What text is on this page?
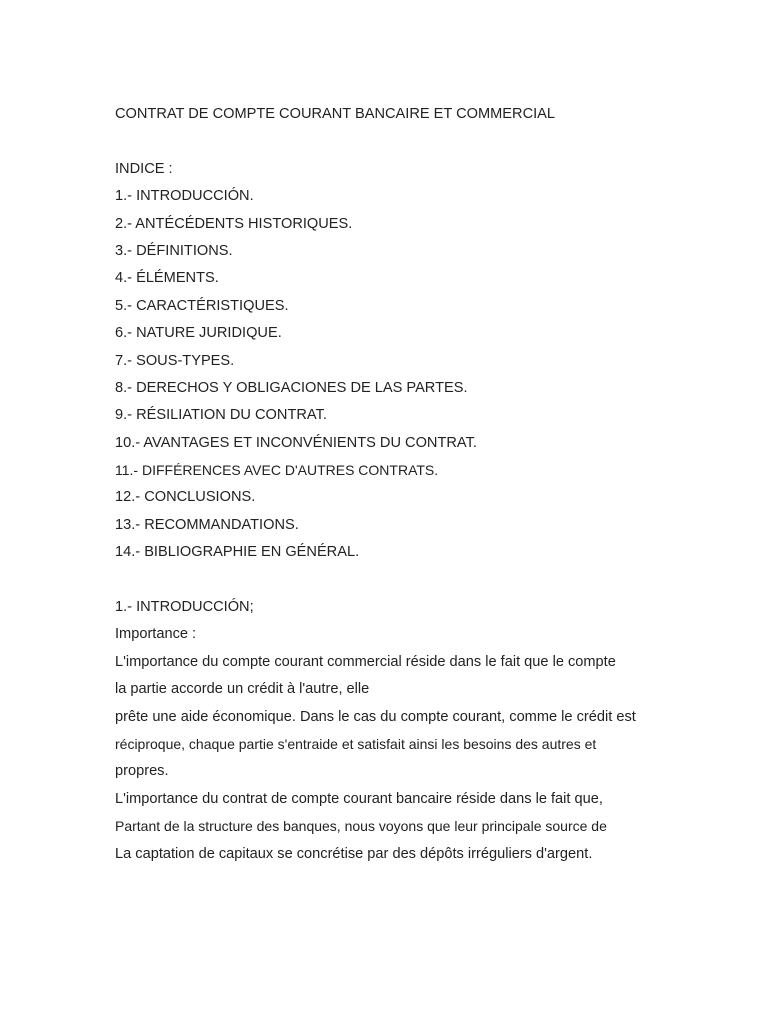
CONTRAT DE COMPTE COURANT BANCAIRE ET COMMERCIAL
INDICE :
1.- INTRODUCCIÓN.
2.- ANTÉCÉDENTS HISTORIQUES.
3.- DÉFINITIONS.
4.- ÉLÉMENTS.
5.- CARACTÉRISTIQUES.
6.- NATURE JURIDIQUE.
7.- SOUS-TYPES.
8.- DERECHOS Y OBLIGACIONES DE LAS PARTES.
9.- RÉSILIATION DU CONTRAT.
10.- AVANTAGES ET INCONVÉNIENTS DU CONTRAT.
11.- DIFFÉRENCES AVEC D'AUTRES CONTRATS.
12.- CONCLUSIONS.
13.- RECOMMANDATIONS.
14.- BIBLIOGRAPHIE EN GÉNÉRAL.
1.- INTRODUCCIÓN;
Importance :
L'importance du compte courant commercial réside dans le fait que le compte
la partie accorde un crédit à l'autre, elle
prête une aide économique. Dans le cas du compte courant, comme le crédit est
réciproque, chaque partie s'entraide et satisfait ainsi les besoins des autres et
propres.
L'importance du contrat de compte courant bancaire réside dans le fait que,
Partant de la structure des banques, nous voyons que leur principale source de
La captation de capitaux se concrétise par des dépôts irréguliers d'argent.
